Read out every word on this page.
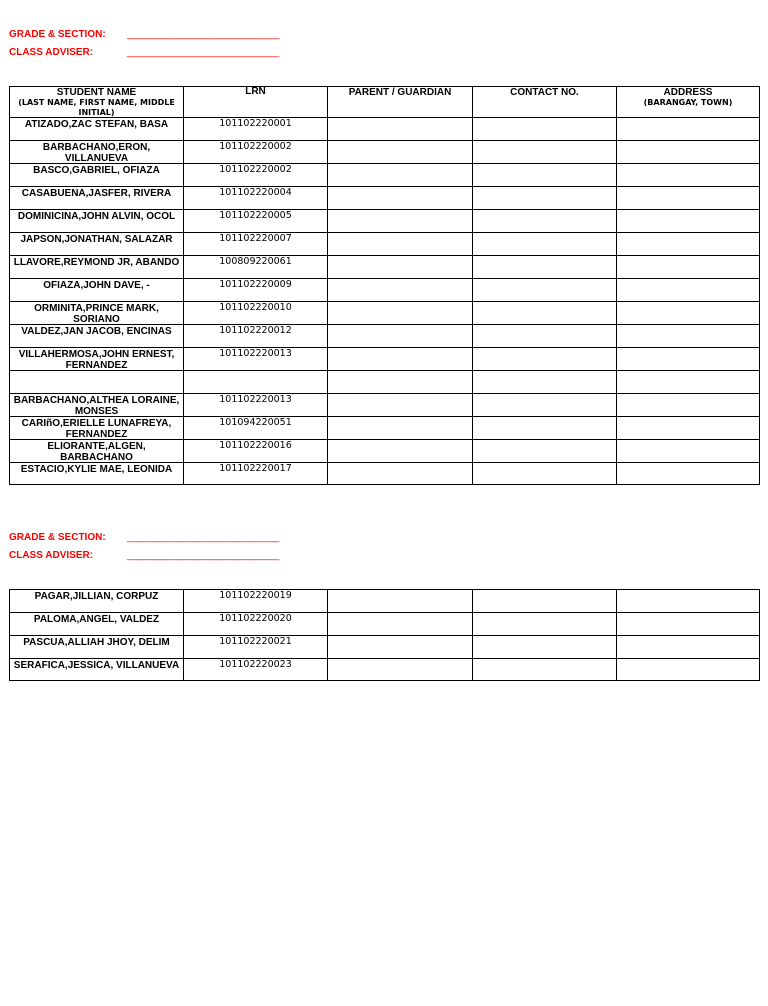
GRADE & SECTION: ______________________________
CLASS ADVISER:	______________________________
STUDENT NAME
(LAST NAME, FIRST NAME, MIDDLE INITIAL)
LRN	PARENT / GUARDIAN	CONTACT NO.	ADDRESS
(BARANGAY, TOWN)
ATIZADO,ZAC STEFAN, BASA	101102220001
BARBACHANO,ERON, VILLANUEVA
101102220002
BASCO,GABRIEL, OFIAZA	101102220002
CASABUENA,JASFER, RIVERA	101102220004
DOMINICINA,JOHN ALVIN, OCOL	101102220005
JAPSON,JONATHAN, SALAZAR	101102220007
LLAVORE,REYMOND JR, ABANDO	100809220061
OFIAZA,JOHN DAVE, -	101102220009
ORMINITA,PRINCE MARK, SORIANO
101102220010
VALDEZ,JAN JACOB, ENCINAS	101102220012
VILLAHERMOSA,JOHN ERNEST, FERNANDEZ
101102220013
BARBACHANO,ALTHEA LORAINE, MONSES
101102220013
CARIñO,ERIELLE LUNAFREYA, FERNANDEZ
101094220051
ELIORANTE,ALGEN, BARBACHANO
101102220016
ESTACIO,KYLIE MAE, LEONIDA	101102220017
GRADE & SECTION: ______________________________
CLASS ADVISER:	______________________________
PAGAR,JILLIAN, CORPUZ	101102220019
PALOMA,ANGEL, VALDEZ	101102220020
PASCUA,ALLIAH JHOY, DELIM	101102220021
SERAFICA,JESSICA, VILLANUEVA	101102220023
